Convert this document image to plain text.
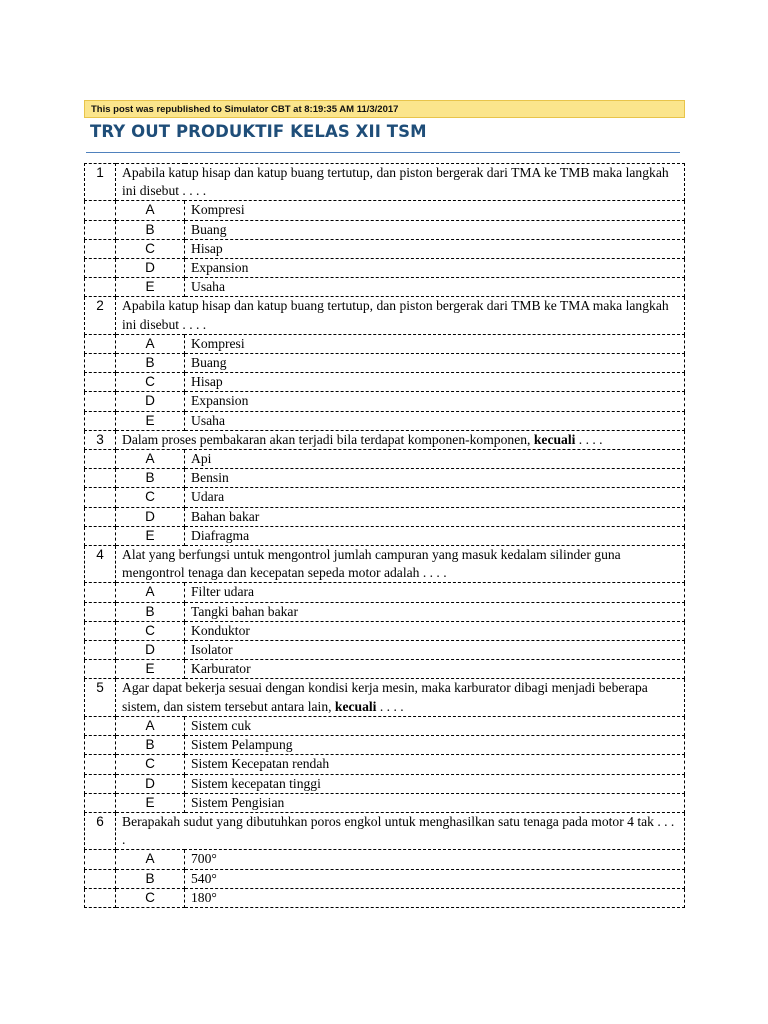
This post was republished to Simulator CBT at 8:19:35 AM 11/3/2017
TRY OUT PRODUKTIF KELAS XII TSM
1	Apabila katup hisap dan katup buang tertutup, dan piston bergerak dari TMA ke TMB maka langkah ini disebut . . . .	
	A	Kompresi
	B	Buang
	C	Hisap
	D	Expansion
	E	Usaha
2	Apabila katup hisap dan katup buang tertutup, dan piston bergerak dari TMB ke TMA maka langkah ini disebut . . . .	
	A	Kompresi
	B	Buang
	C	Hisap
	D	Expansion
	E	Usaha
3	Dalam proses pembakaran akan terjadi bila terdapat komponen-komponen, kecuali . . . .	
	A	Api
	B	Bensin
	C	Udara
	D	Bahan bakar
	E	Diafragma
4	Alat yang berfungsi untuk mengontrol jumlah campuran yang masuk kedalam silinder guna mengontrol tenaga dan kecepatan sepeda motor adalah . . . .	
	A	Filter udara
	B	Tangki bahan bakar
	C	Konduktor
	D	Isolator
	E	Karburator
5	Agar dapat bekerja sesuai dengan kondisi kerja mesin, maka karburator dibagi menjadi beberapa sistem, dan sistem tersebut antara lain, kecuali . . . .	
	A	Sistem cuk
	B	Sistem Pelampung
	C	Sistem Kecepatan rendah
	D	Sistem kecepatan tinggi
	E	Sistem Pengisian
6	Berapakah sudut yang dibutuhkan poros engkol untuk menghasilkan satu tenaga pada motor 4 tak . . . .	
	A	700°
	B	540°
	C	180°
